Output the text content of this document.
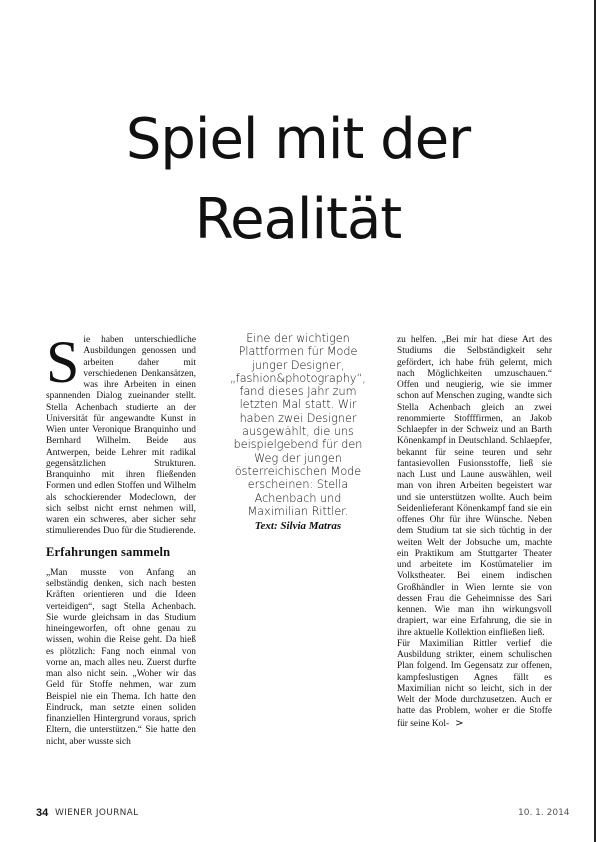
Spiel mit der
Realität

Sie haben unterschiedliche Ausbildungen genossen und arbeiten daher mit verschiedenen Denkansätzen, was ihre Arbeiten in einen spannenden Dialog zueinander stellt. Stella Achenbach studierte an der Universität für angewandte Kunst in Wien unter Veronique Branquinho und Bernhard Wilhelm. Beide aus Antwerpen, beide Lehrer mit radikal gegensätzlichen Strukturen. Branquinho mit ihren fließenden Formen und edlen Stoffen und Wilhelm als schockierender Modeclown, der sich selbst nicht ernst nehmen will, waren ein schweres, aber sicher sehr stimulierendes Duo für die Studierende.

Erfahrungen sammeln

„Man musste von Anfang an selbständig denken, sich nach besten Kräften orientieren und die Ideen verteidigen“, sagt Stella Achenbach. Sie wurde gleichsam in das Studium hineingeworfen, oft ohne genau zu wissen, wohin die Reise geht. Da hieß es plötzlich: Fang noch einmal von vorne an, mach alles neu. Zuerst durfte man also nicht sein. „Woher wir das Geld für Stoffe nehmen, war zum Beispiel nie ein Thema. Ich hatte den Eindruck, man setzte einen soliden finanziellen Hintergrund voraus, sprich Eltern, die unterstützen.“ Sie hatte den nicht, aber wusste sich

Eine der wichtigen Plattformen für Mode junger Designer, „fashion&photography“, fand dieses Jahr zum letzten Mal statt. Wir haben zwei Designer ausgewählt, die uns beispielgebend für den Weg der jungen österreichischen Mode erscheinen: Stella Achenbach und Maximilian Rittler.
Text: Silvia Matras

zu helfen. „Bei mir hat diese Art des Studiums die Selbständigkeit sehr gefördert, ich habe früh gelernt, mich nach Möglichkeiten umzuschauen.“ Offen und neugierig, wie sie immer schon auf Menschen zuging, wandte sich Stella Achenbach gleich an zwei renommierte Stoffffirmen, an Jakob Schlaepfer in der Schweiz und an Barth Könenkampf in Deutschland. Schlaepfer, bekannt für seine teuren und sehr fantasievollen Fusionsstoffe, ließ sie nach Lust und Laune auswählen, weil man von ihren Arbeiten begeistert war und sie unterstützen wollte. Auch beim Seidenlieferant Könenkampf fand sie ein offenes Ohr für ihre Wünsche. Neben dem Studium tat sie sich tüchtig in der weiten Welt der Jobsuche um, machte ein Praktikum am Stuttgarter Theater und arbeitete im Kostümatelier im Volkstheater. Bei einem indischen Großhändler in Wien lernte sie von dessen Frau die Geheimnisse des Sari kennen. Wie man ihn wirkungsvoll drapiert, war eine Erfahrung, die sie in ihre aktuelle Kollektion einfließen ließ.

Für Maximilian Rittler verlief die Ausbildung strikter, einem schulischen Plan folgend. Im Gegensatz zur offenen, kampfeslustigen Agnes fällt es Maximilian nicht so leicht, sich in der Welt der Mode durchzusetzen. Auch er hatte das Problem, woher er die Stoffe für seine Kol- >

34 WIENER JOURNAL	10. 1. 2014
